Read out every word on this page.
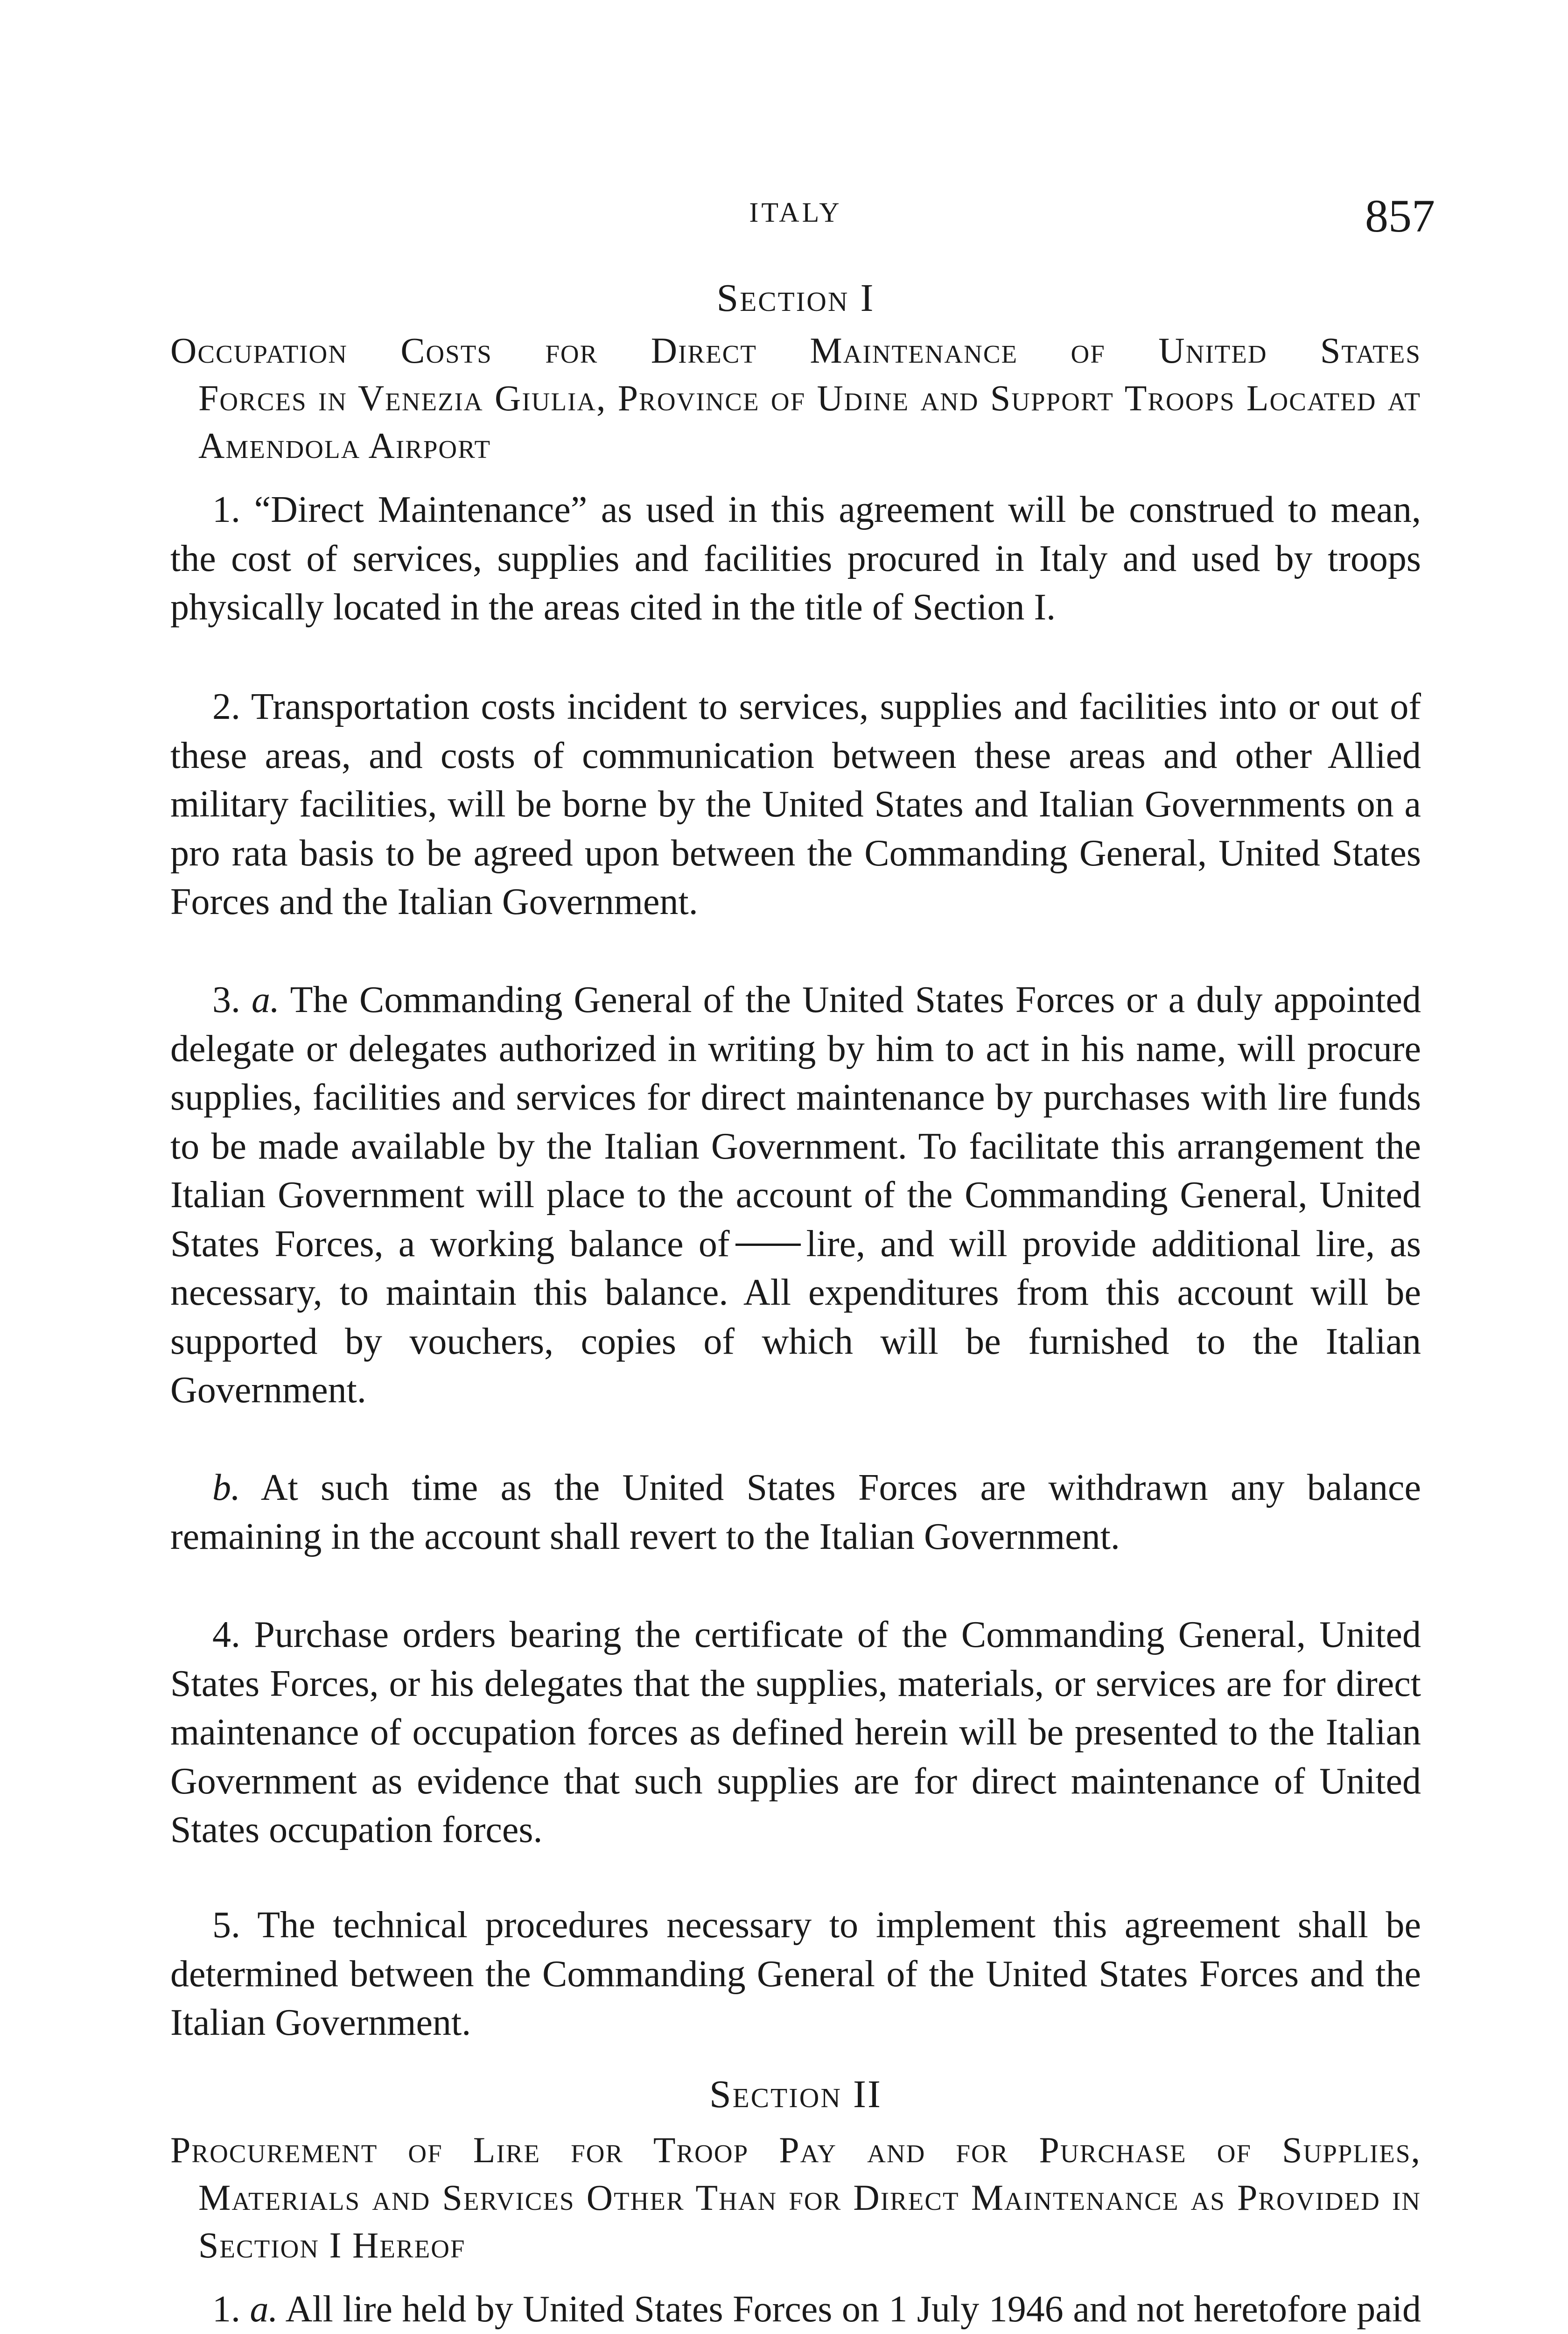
ITALY	857
Section I
Occupation Costs for Direct Maintenance of United States
Forces in Venezia Giulia, Province of Udine and Support Troops Located at Amendola Airport

1. “Direct Maintenance” as used in this agreement will be construed to mean, the cost of services, supplies and facilities procured in Italy and used by troops physically located in the areas cited in the title of Section I.

2. Transportation costs incident to services, supplies and facilities into or out of these areas, and costs of communication between these areas and other Allied military facilities, will be borne by the United States and Italian Governments on a pro rata basis to be agreed upon between the Commanding General, United States Forces and the Italian Government.

3. a. The Commanding General of the United States Forces or a duly appointed delegate or delegates authorized in writing by him to act in his name, will procure supplies, facilities and services for direct maintenance by purchases with lire funds to be made available by the Italian Government. To facilitate this arrangement the Italian Government will place to the account of the Commanding General, United States Forces, a working balance of lire, and will provide additional lire, as necessary, to maintain this balance. All expenditures from this account will be supported by vouchers, copies of which will be furnished to the Italian Government.

b. At such time as the United States Forces are withdrawn any balance remaining in the account shall revert to the Italian Government.

4. Purchase orders bearing the certificate of the Commanding General, United States Forces, or his delegates that the supplies, materials, or services are for direct maintenance of occupation forces as defined herein will be presented to the Italian Government as evidence that such supplies are for direct maintenance of United States occupation forces.

5. The technical procedures necessary to implement this agreement shall be determined between the Commanding General of the United States Forces and the Italian Government.

Section II
Procurement of Lire for Troop Pay and for Purchase of Supplies,
Materials and Services Other Than for Direct Maintenance as Provided in Section I Hereof

1. a. All lire held by United States Forces on 1 July 1946 and not heretofore paid
